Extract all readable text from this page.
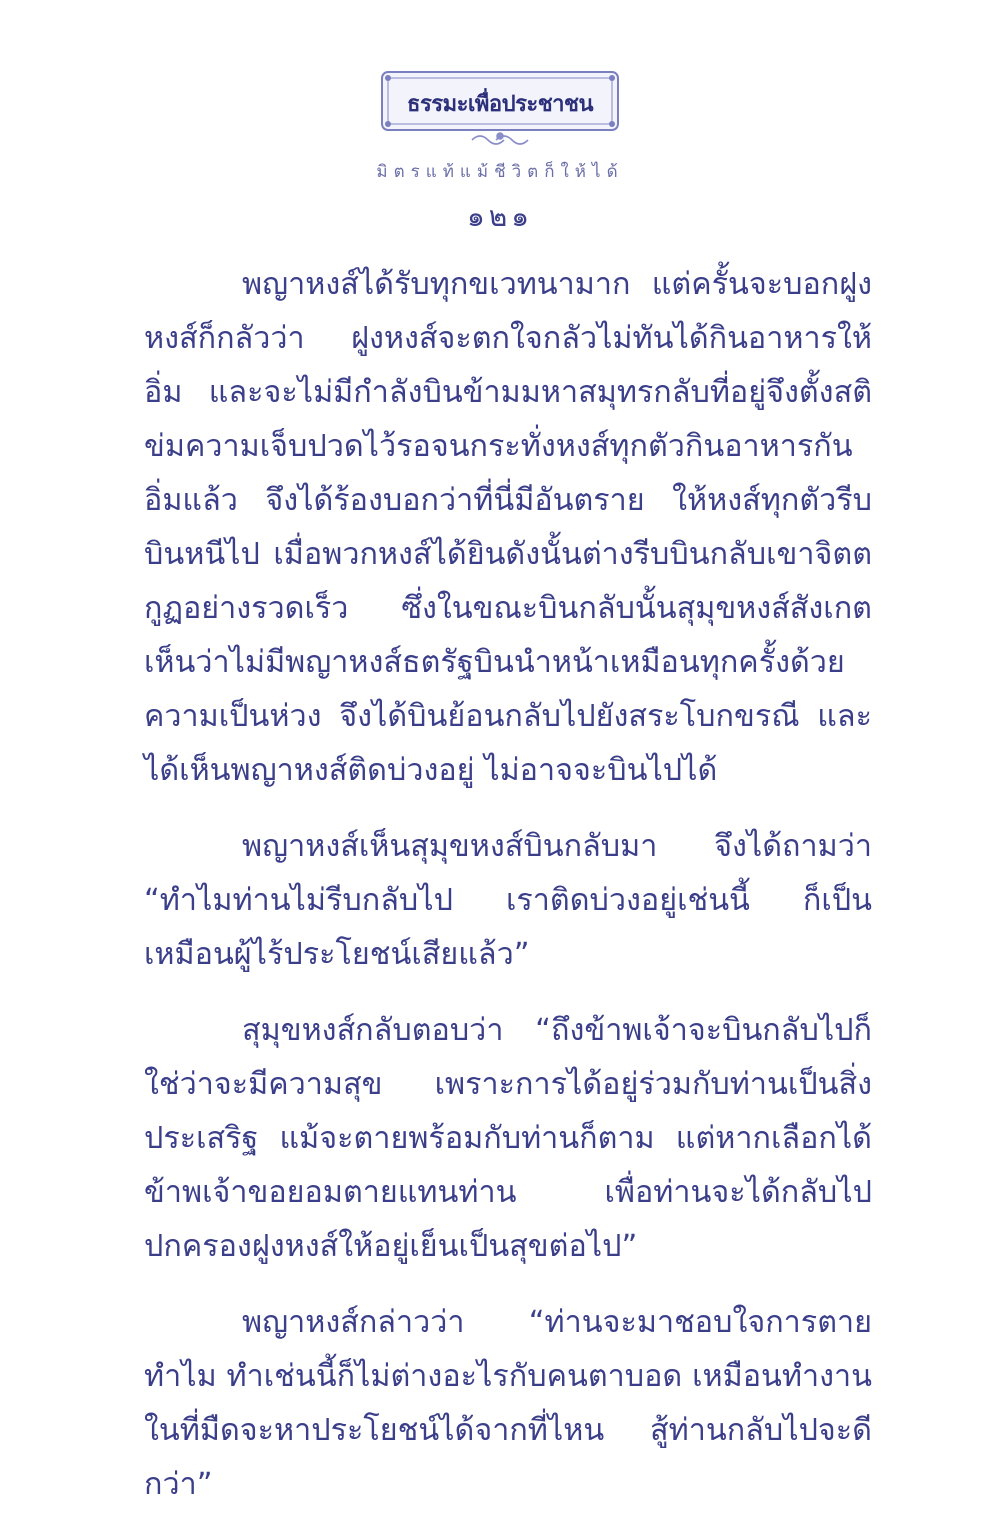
ธรรมะเพื่อประชาชน
มิตรแท้แม้ชีวิตก็ให้ได้
๑๒๑

พญาหงส์ได้รับทุกขเวทนามาก แต่ครั้นจะบอกฝูงหงส์ก็กลัวว่า ฝูงหงส์จะตกใจกลัวไม่ทันได้กินอาหารให้อิ่ม และจะไม่มีกำลังบินข้ามมหาสมุทรกลับที่อยู่จึงตั้งสติข่มความเจ็บปวดไว้รอจนกระทั่งหงส์ทุกตัวกินอาหารกันอิ่มแล้ว จึงได้ร้องบอกว่าที่นี่มีอันตราย ให้หงส์ทุกตัวรีบบินหนีไป เมื่อพวกหงส์ได้ยินดังนั้นต่างรีบบินกลับเขาจิตตกูฏอย่างรวดเร็ว ซึ่งในขณะบินกลับนั้นสุมุขหงส์สังเกตเห็นว่าไม่มีพญาหงส์ธตรัฐบินนำหน้าเหมือนทุกครั้งด้วยความเป็นห่วง จึงได้บินย้อนกลับไปยังสระโบกขรณี และได้เห็นพญาหงส์ติดบ่วงอยู่ ไม่อาจจะบินไปได้

พญาหงส์เห็นสุมุขหงส์บินกลับมา จึงได้ถามว่า “ทำไมท่านไม่รีบกลับไป เราติดบ่วงอยู่เช่นนี้ ก็เป็นเหมือนผู้ไร้ประโยชน์เสียแล้ว”

สุมุขหงส์กลับตอบว่า “ถึงข้าพเจ้าจะบินกลับไปก็ใช่ว่าจะมีความสุข เพราะการได้อยู่ร่วมกับท่านเป็นสิ่งประเสริฐ แม้จะตายพร้อมกับท่านก็ตาม แต่หากเลือกได้ ข้าพเจ้าขอยอมตายแทนท่าน เพื่อท่านจะได้กลับไปปกครองฝูงหงส์ให้อยู่เย็นเป็นสุขต่อไป”

พญาหงส์กล่าวว่า “ท่านจะมาชอบใจการตายทำไม ทำเช่นนี้ก็ไม่ต่างอะไรกับคนตาบอด เหมือนทำงานในที่มืดจะหาประโยชน์ได้จากที่ไหน สู้ท่านกลับไปจะดีกว่า”
